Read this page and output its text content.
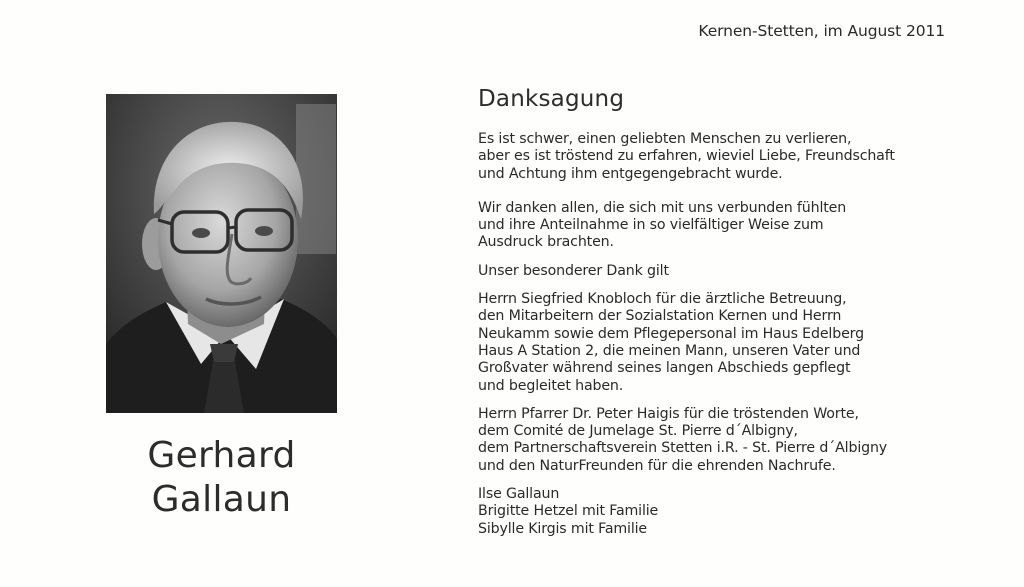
Kernen-Stetten, im August 2011
Gerhard
Gallaun
Danksagung

Es ist schwer, einen geliebten Menschen zu verlieren,
aber es ist tröstend zu erfahren, wieviel Liebe, Freundschaft
und Achtung ihm entgegengebracht wurde.

Wir danken allen, die sich mit uns verbunden fühlten
und ihre Anteilnahme in so vielfältiger Weise zum
Ausdruck brachten.

Unser besonderer Dank gilt

Herrn Siegfried Knobloch für die ärztliche Betreuung,
den Mitarbeitern der Sozialstation Kernen und Herrn
Neukamm sowie dem Pflegepersonal im Haus Edelberg
Haus A Station 2, die meinen Mann, unseren Vater und
Großvater während seines langen Abschieds gepflegt
und begleitet haben.

Herrn Pfarrer Dr. Peter Haigis für die tröstenden Worte,
dem Comité de Jumelage St. Pierre d´Albigny,
dem Partnerschaftsverein Stetten i.R. - St. Pierre d´Albigny
und den NaturFreunden für die ehrenden Nachrufe.

Ilse Gallaun
Brigitte Hetzel mit Familie
Sibylle Kirgis mit Familie
